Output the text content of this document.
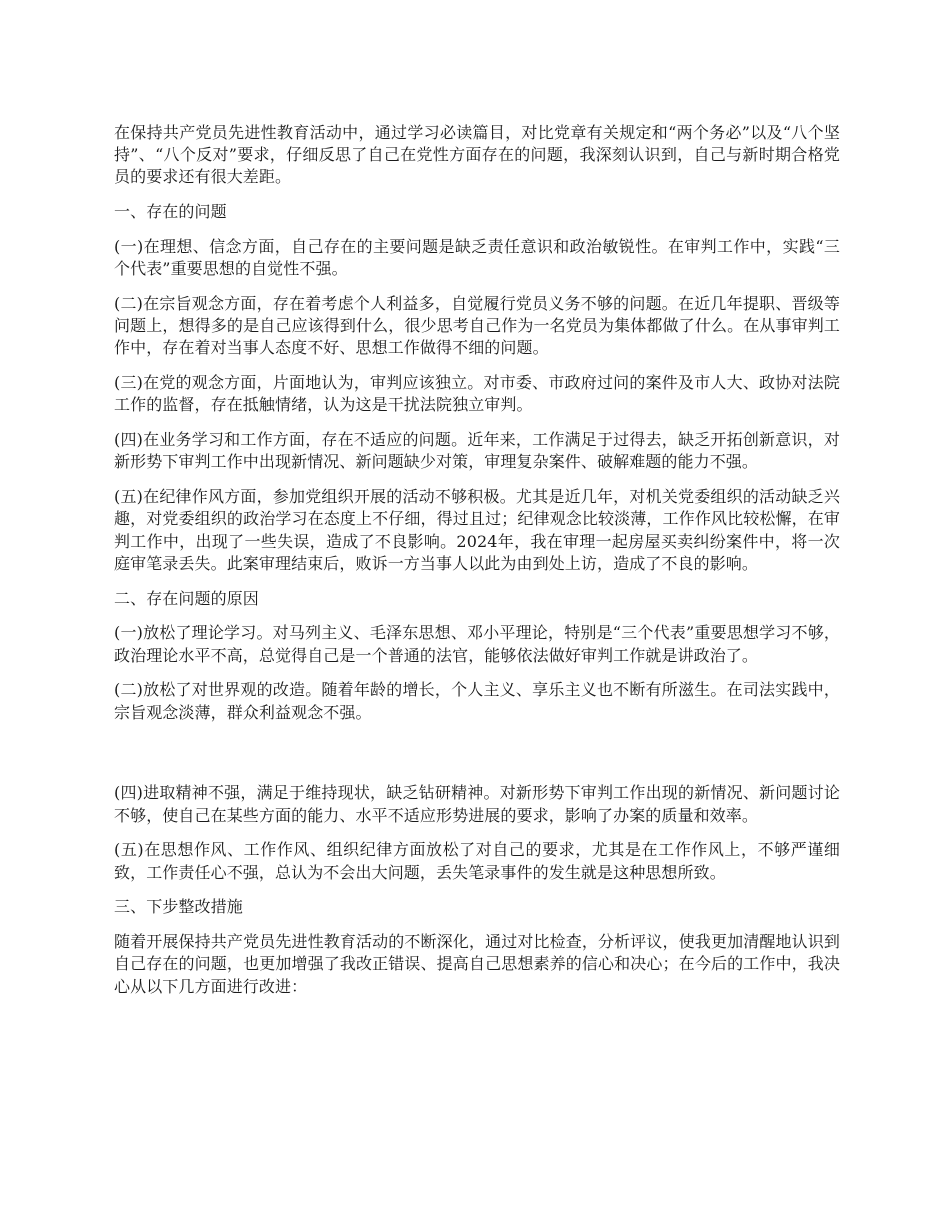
在保持共产党员先进性教育活动中，通过学习必读篇目，对比党章有关规定和“两个务必”以及“八个坚持”、“八个反对”要求，仔细反思了自己在党性方面存在的问题，我深刻认识到，自己与新时期合格党员的要求还有很大差距。

一、存在的问题

(一)在理想、信念方面，自己存在的主要问题是缺乏责任意识和政治敏锐性。在审判工作中，实践“三个代表”重要思想的自觉性不强。

(二)在宗旨观念方面，存在着考虑个人利益多，自觉履行党员义务不够的问题。在近几年提职、晋级等问题上，想得多的是自己应该得到什么，很少思考自己作为一名党员为集体都做了什么。在从事审判工作中，存在着对当事人态度不好、思想工作做得不细的问题。

(三)在党的观念方面，片面地认为，审判应该独立。对市委、市政府过问的案件及市人大、政协对法院工作的监督，存在抵触情绪，认为这是干扰法院独立审判。

(四)在业务学习和工作方面，存在不适应的问题。近年来，工作满足于过得去，缺乏开拓创新意识，对新形势下审判工作中出现新情况、新问题缺少对策，审理复杂案件、破解难题的能力不强。

(五)在纪律作风方面，参加党组织开展的活动不够积极。尤其是近几年，对机关党委组织的活动缺乏兴趣，对党委组织的政治学习在态度上不仔细，得过且过；纪律观念比较淡薄，工作作风比较松懈，在审判工作中，出现了一些失误，造成了不良影响。2024年，我在审理一起房屋买卖纠纷案件中，将一次庭审笔录丢失。此案审理结束后，败诉一方当事人以此为由到处上访，造成了不良的影响。

二、存在问题的原因

(一)放松了理论学习。对马列主义、毛泽东思想、邓小平理论，特别是“三个代表”重要思想学习不够，政治理论水平不高，总觉得自己是一个普通的法官，能够依法做好审判工作就是讲政治了。

(二)放松了对世界观的改造。随着年龄的增长，个人主义、享乐主义也不断有所滋生。在司法实践中，宗旨观念淡薄，群众利益观念不强。

(四)进取精神不强，满足于维持现状，缺乏钻研精神。对新形势下审判工作出现的新情况、新问题讨论不够，使自己在某些方面的能力、水平不适应形势进展的要求，影响了办案的质量和效率。

(五)在思想作风、工作作风、组织纪律方面放松了对自己的要求，尤其是在工作作风上，不够严谨细致，工作责任心不强，总认为不会出大问题，丢失笔录事件的发生就是这种思想所致。

三、下步整改措施

随着开展保持共产党员先进性教育活动的不断深化，通过对比检查，分析评议，使我更加清醒地认识到自己存在的问题，也更加增强了我改正错误、提高自己思想素养的信心和决心；在今后的工作中，我决心从以下几方面进行改进：
